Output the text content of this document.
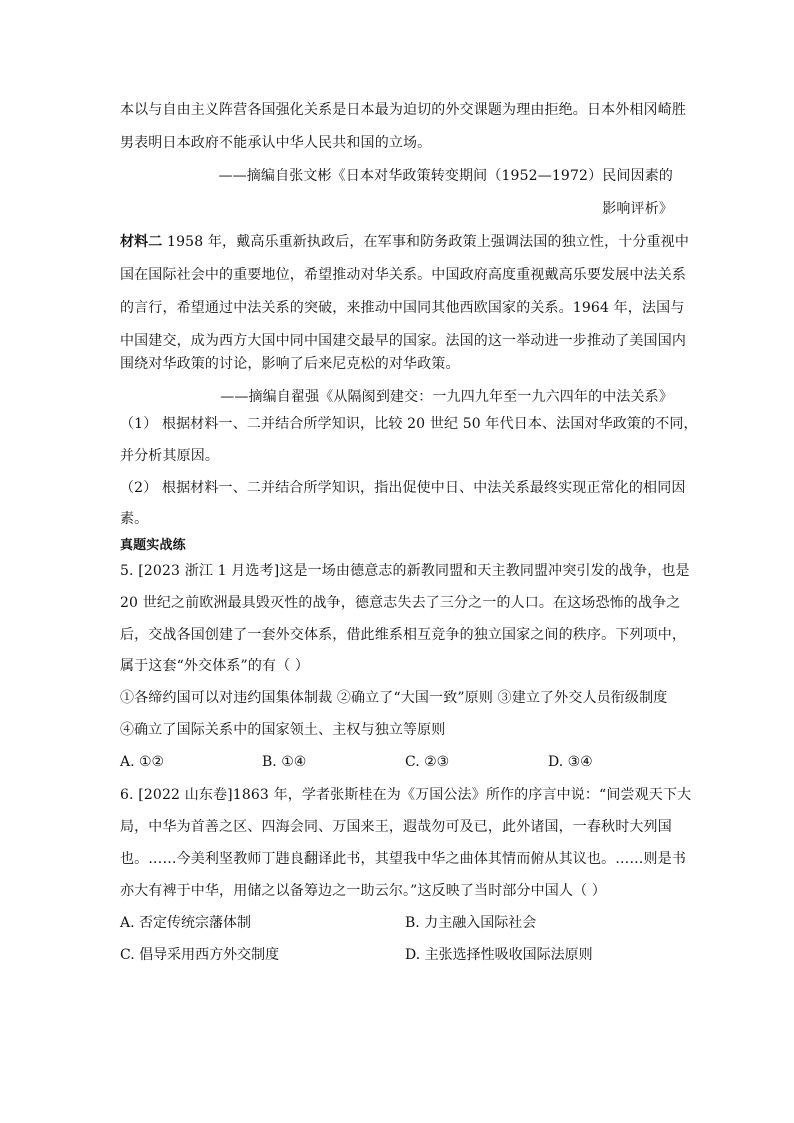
本以与自由主义阵营各国强化关系是日本最为迫切的外交课题为理由拒绝。日本外相冈崎胜
男表明日本政府不能承认中华人民共和国的立场。
——摘编自张文彬《日本对华政策转变期间（1952—1972）民间因素的
影响评析》
材料二 1958 年，戴高乐重新执政后，在军事和防务政策上强调法国的独立性，十分重视中
国在国际社会中的重要地位，希望推动对华关系。中国政府高度重视戴高乐要发展中法关系
的言行，希望通过中法关系的突破，来推动中国同其他西欧国家的关系。1964 年，法国与
中国建交，成为西方大国中同中国建交最早的国家。法国的这一举动进一步推动了美国国内
围绕对华政策的讨论，影响了后来尼克松的对华政策。
——摘编自翟强《从隔阂到建交：一九四九年至一九六四年的中法关系》
（1） 根据材料一、二并结合所学知识，比较 20 世纪 50 年代日本、法国对华政策的不同，
并分析其原因。
（2） 根据材料一、二并结合所学知识，指出促使中日、中法关系最终实现正常化的相同因
素。
真题实战练
5. [2023 浙江 1 月选考]这是一场由德意志的新教同盟和天主教同盟冲突引发的战争，也是
20 世纪之前欧洲最具毁灭性的战争，德意志失去了三分之一的人口。在这场恐怖的战争之
后，交战各国创建了一套外交体系，借此维系相互竞争的独立国家之间的秩序。下列项中，
属于这套“外交体系”的有（ ）
①各缔约国可以对违约国集体制裁 ②确立了“大国一致”原则 ③建立了外交人员衔级制度
④确立了国际关系中的国家领土、主权与独立等原则
A. ①②	B. ①④	C. ②③	D. ③④
6. [2022 山东卷]1863 年，学者张斯桂在为《万国公法》所作的序言中说：“间尝观天下大
局，中华为首善之区、四海会同、万国来王，遐哉勿可及已，此外诸国，一春秋时大列国
也。……今美利坚教师丁韪良翻译此书，其望我中华之曲体其情而俯从其议也。……则是书
亦大有裨于中华，用储之以备筹边之一助云尔。”这反映了当时部分中国人（ ）
A. 否定传统宗藩体制	B. 力主融入国际社会
C. 倡导采用西方外交制度	D. 主张选择性吸收国际法原则
